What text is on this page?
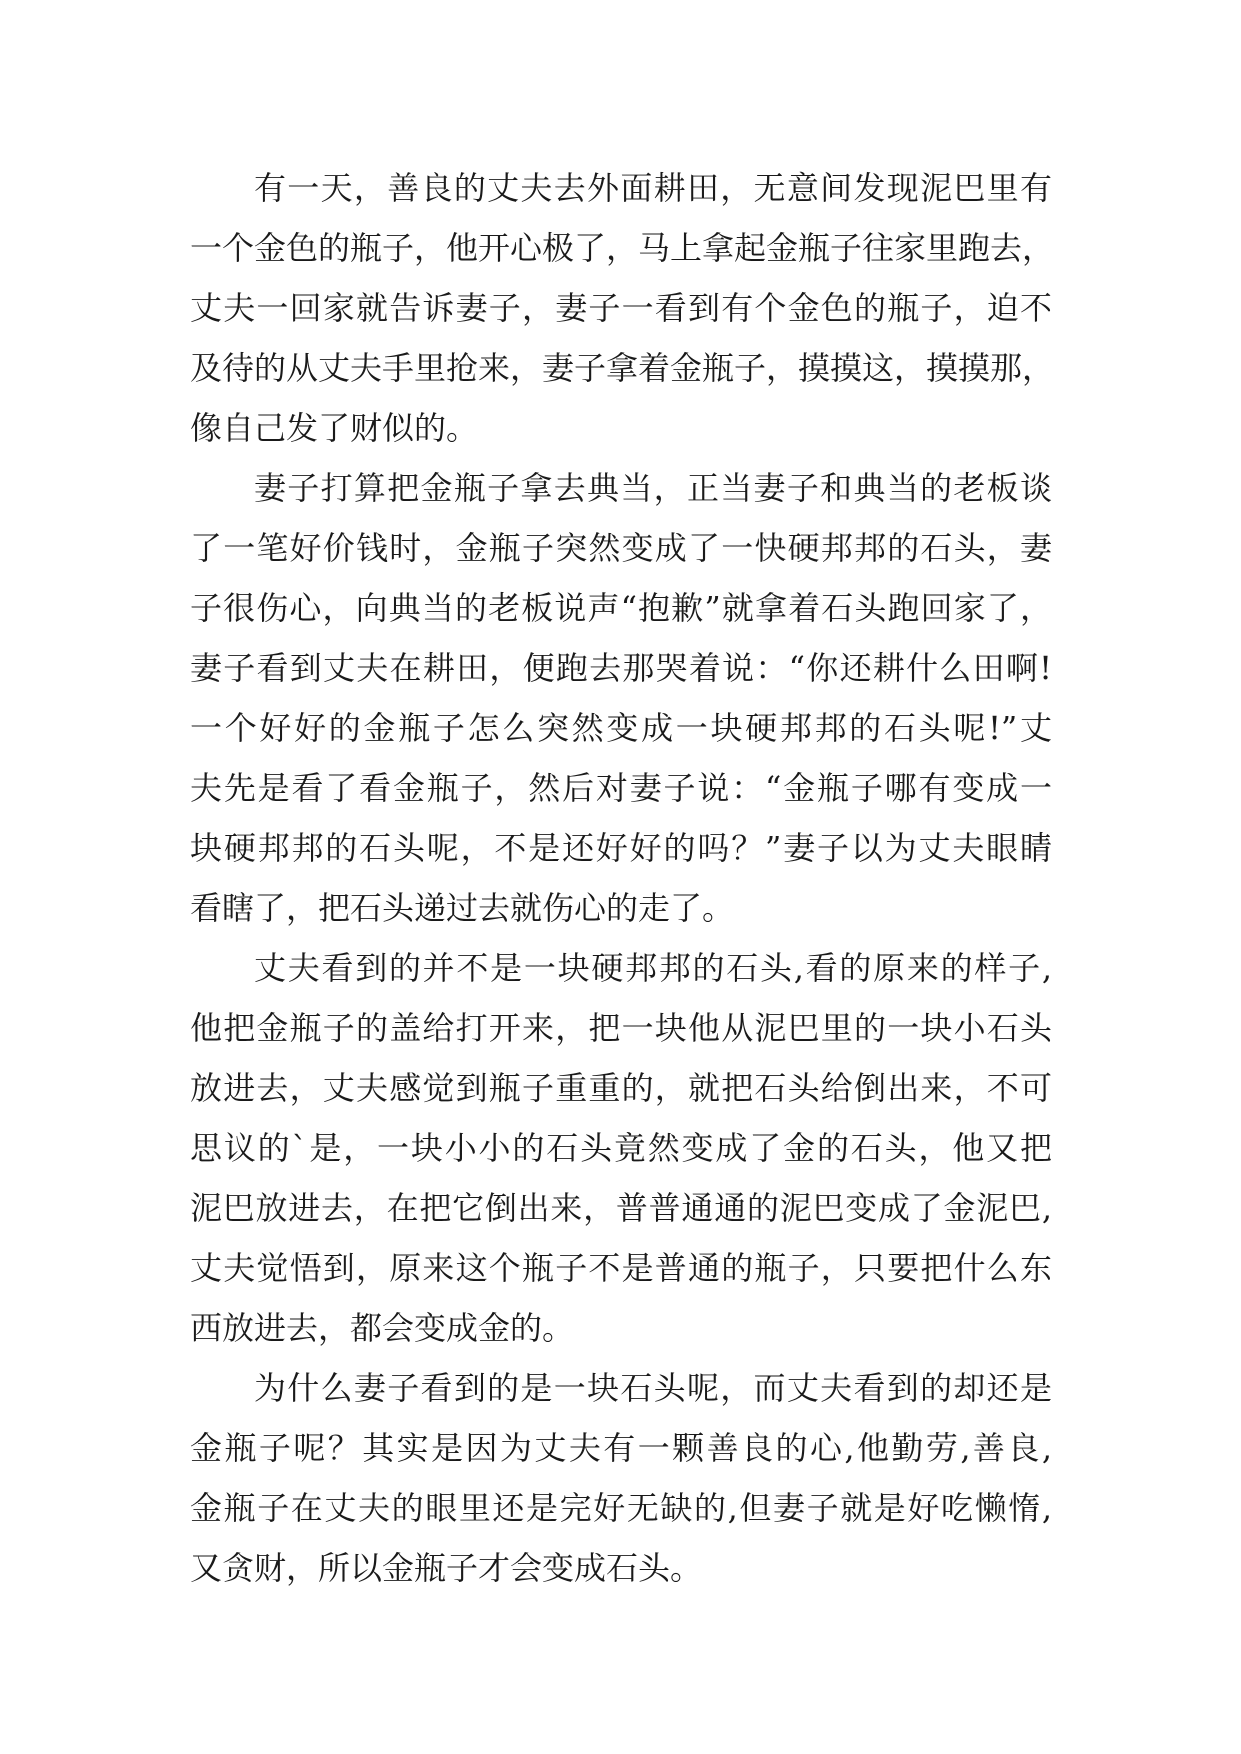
有一天，善良的丈夫去外面耕田，无意间发现泥巴里有
一个金色的瓶子，他开心极了，马上拿起金瓶子往家里跑去，
丈夫一回家就告诉妻子，妻子一看到有个金色的瓶子，迫不
及待的从丈夫手里抢来，妻子拿着金瓶子，摸摸这，摸摸那，
像自己发了财似的。
妻子打算把金瓶子拿去典当，正当妻子和典当的老板谈
了一笔好价钱时，金瓶子突然变成了一快硬邦邦的石头，妻
子很伤心，向典当的老板说声“抱歉”就拿着石头跑回家了，
妻子看到丈夫在耕田，便跑去那哭着说：“你还耕什么田啊!
一个好好的金瓶子怎么突然变成一块硬邦邦的石头呢!”丈
夫先是看了看金瓶子，然后对妻子说：“金瓶子哪有变成一
块硬邦邦的石头呢，不是还好好的吗？”妻子以为丈夫眼睛
看瞎了，把石头递过去就伤心的走了。
丈夫看到的并不是一块硬邦邦的石头,看的原来的样子,
他把金瓶子的盖给打开来，把一块他从泥巴里的一块小石头
放进去，丈夫感觉到瓶子重重的，就把石头给倒出来，不可
思议的`是，一块小小的石头竟然变成了金的石头，他又把
泥巴放进去，在把它倒出来，普普通通的泥巴变成了金泥巴,
丈夫觉悟到，原来这个瓶子不是普通的瓶子，只要把什么东
西放进去，都会变成金的。
为什么妻子看到的是一块石头呢，而丈夫看到的却还是
金瓶子呢？其实是因为丈夫有一颗善良的心,他勤劳,善良,
金瓶子在丈夫的眼里还是完好无缺的,但妻子就是好吃懒惰,
又贪财，所以金瓶子才会变成石头。
